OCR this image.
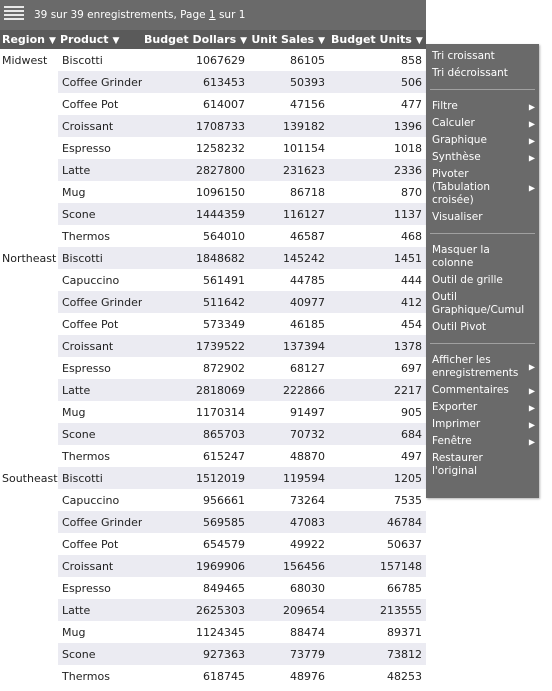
39 sur 39 enregistrements, Page 1 sur 1
Region ▼	Product ▼	Budget Dollars ▼	Unit Sales ▼	Budget Units ▼
Midwest	Biscotti	1067629	86105	858
	Coffee Grinder	613453	50393	506
	Coffee Pot	614007	47156	477
	Croissant	1708733	139182	1396
	Espresso	1258232	101154	1018
	Latte	2827800	231623	2336
	Mug	1096150	86718	870
	Scone	1444359	116127	1137
	Thermos	564010	46587	468
Northeast	Biscotti	1848682	145242	1451
	Capuccino	561491	44785	444
	Coffee Grinder	511642	40977	412
	Coffee Pot	573349	46185	454
	Croissant	1739522	137394	1378
	Espresso	872902	68127	697
	Latte	2818069	222866	2217
	Mug	1170314	91497	905
	Scone	865703	70732	684
	Thermos	615247	48870	497
Southeast	Biscotti	1512019	119594	1205
	Capuccino	956661	73264	7535
	Coffee Grinder	569585	47083	46784
	Coffee Pot	654579	49922	50637
	Croissant	1969906	156456	157148
	Espresso	849465	68030	66785
	Latte	2625303	209654	213555
	Mug	1124345	88474	89371
	Scone	927363	73779	73812
	Thermos	618745	48976	48253
Tri croissant
Tri décroissant
Filtre	▶
Calculer	▶
Graphique	▶
Synthèse	▶
Pivoter (Tabulation croisée)
▶
Visualiser
Masquer la colonne
Outil de grille
Outil Graphique/Cumul
Outil Pivot
Afficher les enregistrements ▶
Commentaires	▶
Exporter	▶
Imprimer	▶
Fenêtre	▶
Restaurer l'original
